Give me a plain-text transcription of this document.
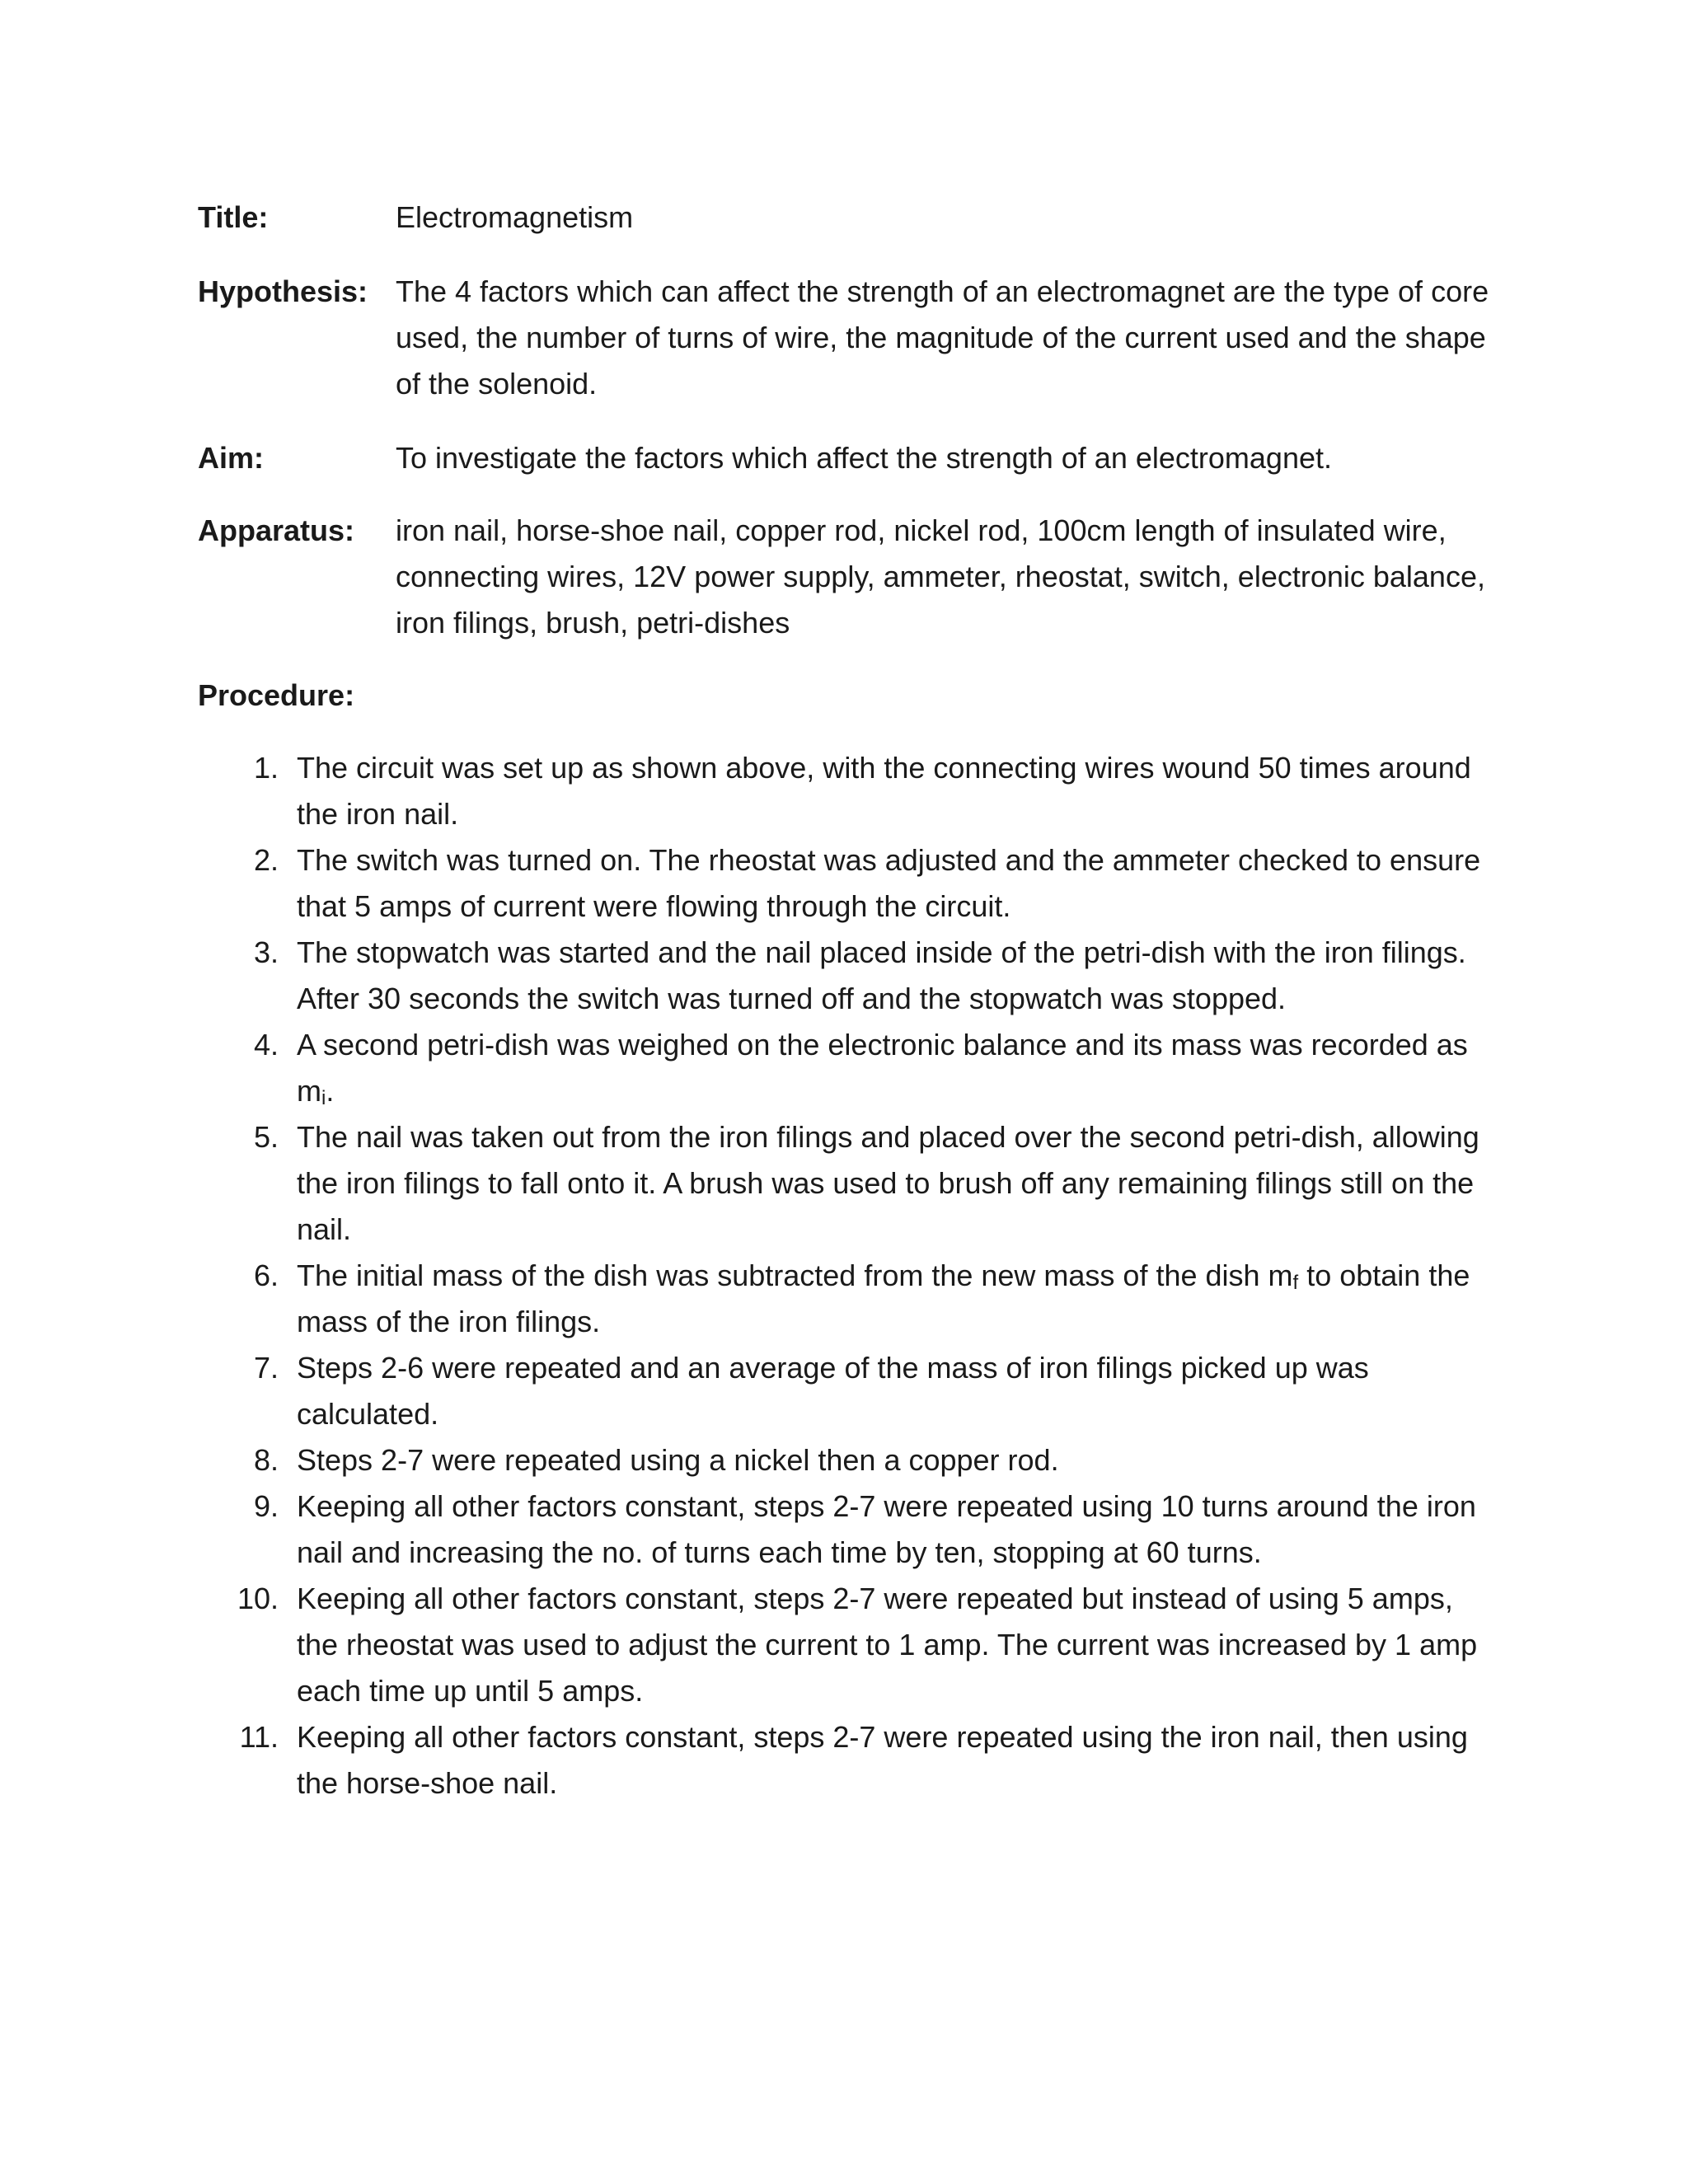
Title:	Electromagnetism
Hypothesis: The 4 factors which can affect the strength of an electromagnet are the type of core used, the number of turns of wire, the magnitude of the current used and the shape of the solenoid.
Aim:	To investigate the factors which affect the strength of an electromagnet.
Apparatus:	iron nail, horse-shoe nail, copper rod, nickel rod, 100cm length of insulated wire, connecting wires, 12V power supply, ammeter, rheostat, switch, electronic balance, iron filings, brush, petri-dishes
Procedure:
1. The circuit was set up as shown above, with the connecting wires wound 50 times around the iron nail.
2. The switch was turned on. The rheostat was adjusted and the ammeter checked to ensure that 5 amps of current were flowing through the circuit.
3. The stopwatch was started and the nail placed inside of the petri-dish with the iron filings. After 30 seconds the switch was turned off and the stopwatch was stopped.
4. A second petri-dish was weighed on the electronic balance and its mass was recorded as $m_i$.
5. The nail was taken out from the iron filings and placed over the second petri-dish, allowing the iron filings to fall onto it. A brush was used to brush off any remaining filings still on the nail.
6. The initial mass of the dish was subtracted from the new mass of the dish $m_f$ to obtain the mass of the iron filings.
7. Steps 2-6 were repeated and an average of the mass of iron filings picked up was calculated.
8. Steps 2-7 were repeated using a nickel then a copper rod.
9. Keeping all other factors constant, steps 2-7 were repeated using 10 turns around the iron nail and increasing the no. of turns each time by ten, stopping at 60 turns.
10. Keeping all other factors constant, steps 2-7 were repeated but instead of using 5 amps, the rheostat was used to adjust the current to 1 amp. The current was increased by 1 amp each time up until 5 amps.
11. Keeping all other factors constant, steps 2-7 were repeated using the iron nail, then using the horse-shoe nail.
